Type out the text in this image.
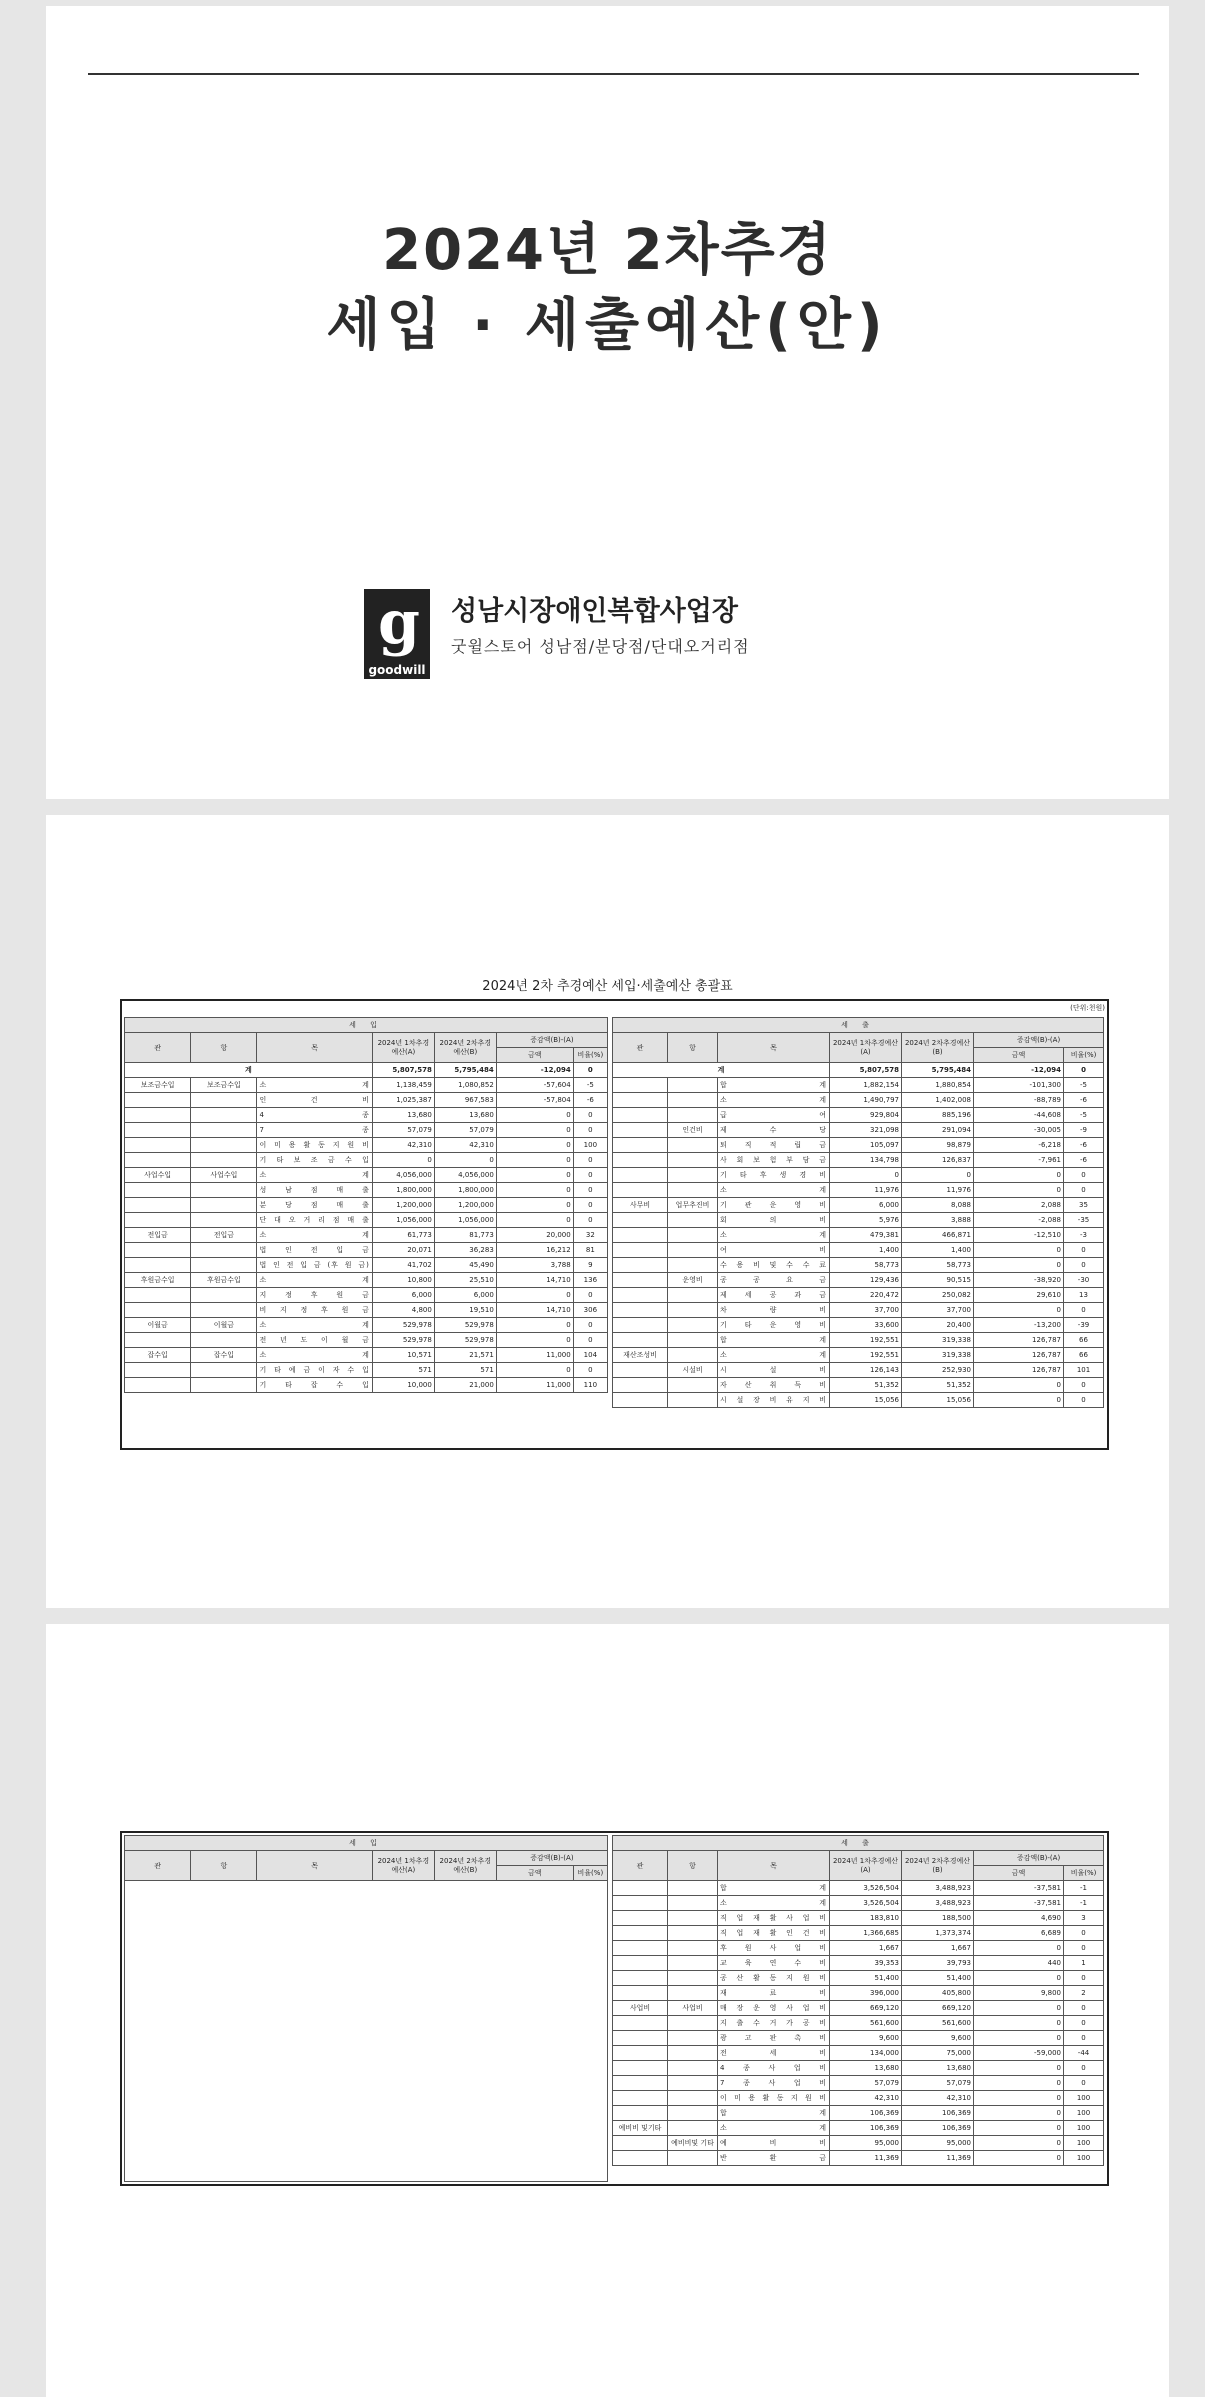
2024년 2차추경
세입 · 세출예산(안)
g
goodwill
성남시장애인복합사업장
굿윌스토어 성남점/분당점/단대오거리점
2024년 2차 추경예산 세입·세출예산 총괄표
(단위:천원)
세 입						
관	항	목	2024년 1차추경예산(A)	2024년 2차추경예산(B)	증감액(B)-(A)	
					금액	비율(%)
계			5,807,578	5,795,484	-12,094	0
보조금수입	보조금수입	소 계	1,138,459	1,080,852	-57,604	-5
		인 건 비	1,025,387	967,583	-57,804	-6
		4 종	13,680	13,680	0	0
		7 종	57,079	57,079	0	0
		이 미 용 활 동 지 원 비	42,310	42,310	0	100
		기 타 보 조 금 수 입	0	0	0	0
사업수입	사업수입	소 계	4,056,000	4,056,000	0	0
		성 남 점 매 출	1,800,000	1,800,000	0	0
		분 당 점 매 출	1,200,000	1,200,000	0	0
		단 대 오 거 리 점 매 출	1,056,000	1,056,000	0	0
전입금	전입금	소 계	61,773	81,773	20,000	32
		법 인 전 입 금	20,071	36,283	16,212	81
		법 인 전 입 금 (후 원 금)	41,702	45,490	3,788	9
후원금수입	후원금수입	소 계	10,800	25,510	14,710	136
		지 정 후 원 금	6,000	6,000	0	0
		비 지 정 후 원 금	4,800	19,510	14,710	306
이월금	이월금	소 계	529,978	529,978	0	0
		전 년 도 이 월 금	529,978	529,978	0	0
잡수입	잡수입	소 계	10,571	21,571	11,000	104
		기 타 예 금 이 자 수 입	571	571	0	0
		기 타 잡 수 입	10,000	21,000	11,000	110
세 출						
관	항	목	2024년 1차추경예산(A)	2024년 2차추경예산(B)	증감액(B)-(A)	
					금액	비율(%)
계			5,807,578	5,795,484	-12,094	0
		합 계	1,882,154	1,880,854	-101,300	-5
		소 계	1,490,797	1,402,008	-88,789	-6
		급 여	929,804	885,196	-44,608	-5
	인건비	제 수 당	321,098	291,094	-30,005	-9
		퇴 직 적 립 금	105,097	98,879	-6,218	-6
		사 회 보 험 부 담 금	134,798	126,837	-7,961	-6
		기 타 후 생 경 비	0	0	0	0
		소 계	11,976	11,976	0	0
사무비	업무추진비	기 관 운 영 비	6,000	8,088	2,088	35
		회 의 비	5,976	3,888	-2,088	-35
		소 계	479,381	466,871	-12,510	-3
		여 비	1,400	1,400	0	0
		수 용 비 및 수 수 료	58,773	58,773	0	0
	운영비	공 공 요 금	129,436	90,515	-38,920	-30
		제 세 공 과 금	220,472	250,082	29,610	13
		차 량 비	37,700	37,700	0	0
		기 타 운 영 비	33,600	20,400	-13,200	-39
		합 계	192,551	319,338	126,787	66
재산조성비		소 계	192,551	319,338	126,787	66
	시설비	시 설 비	126,143	252,930	126,787	101
		자 산 취 득 비	51,352	51,352	0	0
		시 설 장 비 유 지 비	15,056	15,056	0	0
세 입						
관	항	목	2024년 1차추경예산(A)	2024년 2차추경예산(B)	증감액(B)-(A)	
					금액	비율(%)

세 출						
관	항	목	2024년 1차추경예산(A)	2024년 2차추경예산(B)	증감액(B)-(A)	
					금액	비율(%)
		합 계	3,526,504	3,488,923	-37,581	-1
		소 계	3,526,504	3,488,923	-37,581	-1
		직 업 재 활 사 업 비	183,810	188,500	4,690	3
		직 업 재 활 인 건 비	1,366,685	1,373,374	6,689	0
		후 원 사 업 비	1,667	1,667	0	0
		교 육 연 수 비	39,353	39,793	440	1
		공 산 활 동 지 원 비	51,400	51,400	0	0
		재 료 비	396,000	405,800	9,800	2
사업비	사업비	매 장 운 영 사 업 비	669,120	669,120	0	0
		지 출 수 거 가 공 비	561,600	561,600	0	0
		광 고 판 촉 비	9,600	9,600	0	0
		전 세 비	134,000	75,000	-59,000	-44
		4 종 사 업 비	13,680	13,680	0	0
		7 종 사 업 비	57,079	57,079	0	0
		이 미 용 활 동 지 원 비	42,310	42,310	0	100
		합 계	106,369	106,369	0	100
예비비 및기타		소 계	106,369	106,369	0	100
	예비비및 기타	예 비 비	95,000	95,000	0	100
		반 환 금	11,369	11,369	0	100
